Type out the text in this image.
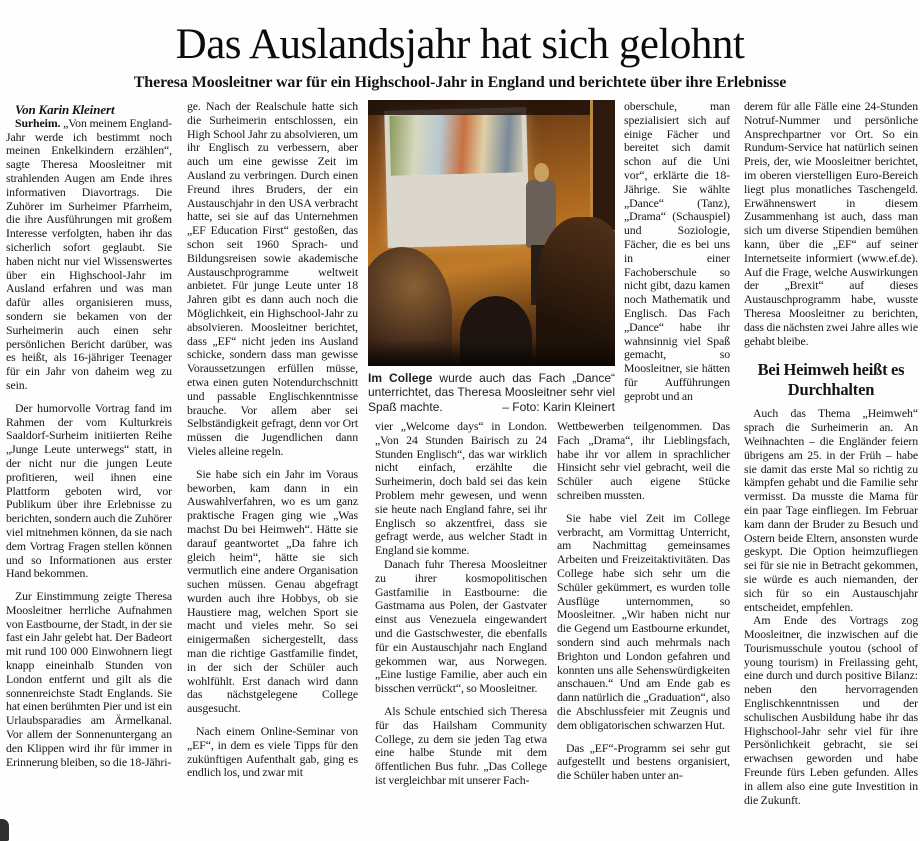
Das Auslandsjahr hat sich gelohnt
Theresa Moosleitner war für ein Highschool-Jahr in England und berichtete über ihre Erlebnisse

Von Karin Kleinert

Surheim. „Von meinem England-Jahr werde ich bestimmt noch meinen Enkelkindern erzählen“, sagte Theresa Moosleitner mit strahlenden Augen am Ende ihres informativen Diavortrags. Die Zuhörer im Surheimer Pfarrheim, die ihre Ausführungen mit großem Interesse verfolgten, haben ihr das sicherlich sofort geglaubt. Sie haben nicht nur viel Wissenswertes über ein Highschool-Jahr im Ausland erfahren und was man dafür alles organisieren muss, sondern sie bekamen von der Surheimerin auch einen sehr persönlichen Bericht darüber, was es heißt, als 16-jähriger Teenager für ein Jahr von daheim weg zu sein.

Der humorvolle Vortrag fand im Rahmen der vom Kulturkreis Saaldorf-Surheim initiierten Reihe „Junge Leute unterwegs“ statt, in der nicht nur die jungen Leute profitieren, weil ihnen eine Plattform geboten wird, vor Publikum über ihre Erlebnisse zu berichten, sondern auch die Zuhörer viel mitnehmen können, da sie nach dem Vortrag Fragen stellen können und so Informationen aus erster Hand bekommen.

Zur Einstimmung zeigte Theresa Moosleitner herrliche Aufnahmen von Eastbourne, der Stadt, in der sie fast ein Jahr gelebt hat. Der Badeort mit rund 100 000 Einwohnern liegt knapp eineinhalb Stunden von London entfernt und gilt als die sonnenreichste Stadt Englands. Sie hat einen berühmten Pier und ist ein Urlaubsparadies am Ärmelkanal. Vor allem der Sonnenuntergang an den Klippen wird ihr für immer in Erinnerung bleiben, so die 18-Jähri-

ge. Nach der Realschule hatte sich die Surheimerin entschlossen, ein High School Jahr zu absolvieren, um ihr Englisch zu verbessern, aber auch um eine gewisse Zeit im Ausland zu verbringen. Durch einen Freund ihres Bruders, der ein Austauschjahr in den USA verbracht hatte, sei sie auf das Unternehmen „EF Education First“ gestoßen, das schon seit 1960 Sprach- und Bildungsreisen sowie akademische Austauschprogramme weltweit anbietet. Für junge Leute unter 18 Jahren gibt es dann auch noch die Möglichkeit, ein Highschool-Jahr zu absolvieren. Moosleitner berichtet, dass „EF“ nicht jeden ins Ausland schicke, sondern dass man gewisse Voraussetzungen erfüllen müsse, etwa einen guten Notendurchschnitt und passable Englischkenntnisse brauche. Vor allem aber sei Selbständigkeit gefragt, denn vor Ort müssen die Jugendlichen dann Vieles alleine regeln.

Sie habe sich ein Jahr im Voraus beworben, kam dann in ein Auswahlverfahren, wo es um ganz praktische Fragen ging wie „Was machst Du bei Heimweh“. Hätte sie darauf geantwortet „Da fahre ich gleich heim“, hätte sie sich vermutlich eine andere Organisation suchen müssen. Genau abgefragt wurden auch ihre Hobbys, ob sie Haustiere mag, welchen Sport sie macht und vieles mehr. So sei einigermaßen sichergestellt, dass man die richtige Gastfamilie findet, in der sich der Schüler auch wohlfühlt. Erst danach wird dann das nächstgelegene College ausgesucht.

Nach einem Online-Seminar von „EF“, in dem es viele Tipps für den zukünftigen Aufenthalt gab, ging es endlich los, und zwar mit

Im College wurde auch das Fach „Dance“ unterrichtet, das Theresa Moosleitner sehr viel Spaß machte.	– Foto: Karin Kleinert

oberschule, man spezialisiert sich auf einige Fächer und bereitet sich damit schon auf die Uni vor“, erklärte die 18-Jährige. Sie wählte „Dance“ (Tanz), „Drama“ (Schauspiel) und Soziologie, Fächer, die es bei uns in einer Fachoberschule so nicht gibt, dazu kamen noch Mathematik und Englisch. Das Fach „Dance“ habe ihr wahnsinnig viel Spaß gemacht, so Moosleitner, sie hätten für Aufführungen geprobt und an

vier „Welcome days“ in London. „Von 24 Stunden Bairisch zu 24 Stunden Englisch“, das war wirklich nicht einfach, erzählte die Surheimerin, doch bald sei das kein Problem mehr gewesen, und wenn sie heute nach England fahre, sei ihr Englisch so akzentfrei, dass sie gefragt werde, aus welcher Stadt in England sie komme.

Danach fuhr Theresa Moosleitner zu ihrer kosmopolitischen Gastfamilie in Eastbourne: die Gastmama aus Polen, der Gastvater einst aus Venezuela eingewandert und die Gastschwester, die ebenfalls für ein Austauschjahr nach England gekommen war, aus Norwegen. „Eine lustige Familie, aber auch ein bisschen verrückt“, so Moosleitner.

Als Schule entschied sich Theresa für das Hailsham Community College, zu dem sie jeden Tag etwa eine halbe Stunde mit dem öffentlichen Bus fuhr. „Das College ist vergleichbar mit unserer Fach-

Wettbewerben teilgenommen. Das Fach „Drama“, ihr Lieblingsfach, habe ihr vor allem in sprachlicher Hinsicht sehr viel gebracht, weil die Schüler auch eigene Stücke schreiben mussten.

Sie habe viel Zeit im College verbracht, am Vormittag Unterricht, am Nachmittag gemeinsames Arbeiten und Freizeitaktivitäten. Das College habe sich sehr um die Schüler gekümmert, es wurden tolle Ausflüge unternommen, so Moosleitner. „Wir haben nicht nur die Gegend um Eastbourne erkundet, sondern sind auch mehrmals nach Brighton und London gefahren und konnten uns alle Sehenswürdigkeiten anschauen.“ Und am Ende gab es dann natürlich die „Graduation“, also die Abschlussfeier mit Zeugnis und dem obligatorischen schwarzen Hut.

Das „EF“-Programm sei sehr gut aufgestellt und bestens organisiert, die Schüler haben unter an-

derem für alle Fälle eine 24-Stunden Notruf-Nummer und persönliche Ansprechpartner vor Ort. So ein Rundum-Service hat natürlich seinen Preis, der, wie Moosleitner berichtet, im oberen vierstelligen Euro-Bereich liegt plus monatliches Taschengeld. Erwähnenswert in diesem Zusammenhang ist auch, dass man sich um diverse Stipendien bemühen kann, über die „EF“ auf seiner Internetseite informiert (www.ef.de). Auf die Frage, welche Auswirkungen der „Brexit“ auf dieses Austauschprogramm habe, wusste Theresa Moosleitner zu berichten, dass die nächsten zwei Jahre alles wie gehabt bleibe.

Bei Heimweh heißt es Durchhalten

Auch das Thema „Heimweh“ sprach die Surheimerin an. An Weihnachten – die Engländer feiern übrigens am 25. in der Früh – habe sie damit das erste Mal so richtig zu kämpfen gehabt und die Familie sehr vermisst. Da musste die Mama für ein paar Tage einfliegen. Im Februar kam dann der Bruder zu Besuch und Ostern beide Eltern, ansonsten wurde geskypt. Die Option heimzufliegen sei für sie nie in Betracht gekommen, sie würde es auch niemanden, der sich für so ein Austauschjahr entscheidet, empfehlen.

Am Ende des Vortrags zog Moosleitner, die inzwischen auf die Tourismusschule youtou (school of young tourism) in Freilassing geht, eine durch und durch positive Bilanz: neben den hervorragenden Englischkenntnissen und der schulischen Ausbildung habe ihr das Highschool-Jahr sehr viel für ihre Persönlichkeit gebracht, sie sei erwachsen geworden und habe Freunde fürs Leben gefunden. Alles in allem also eine gute Investition in die Zukunft.
